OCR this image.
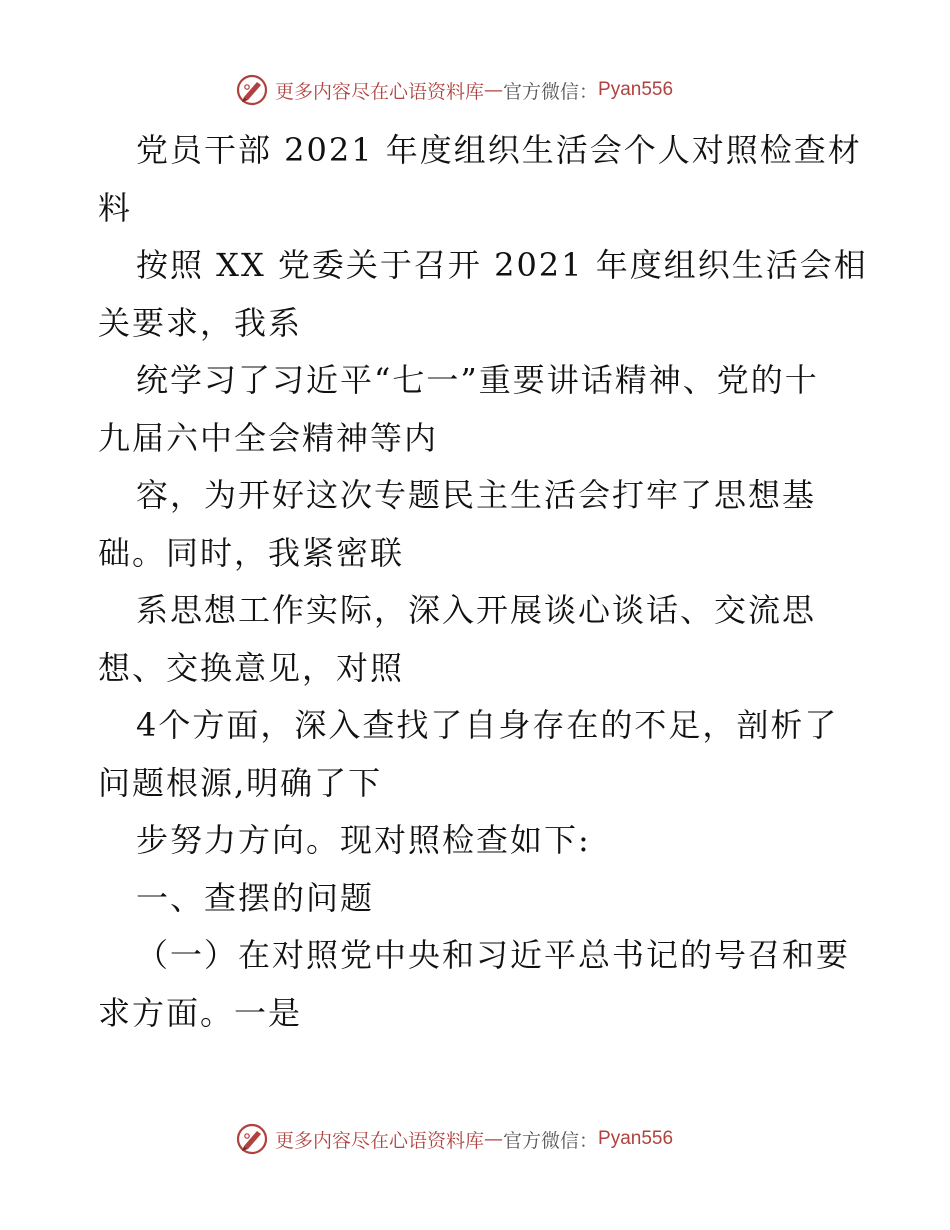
更多内容尽在心语资料库 — 官方微信： Pyan556
党员干部 2021 年度组织生活会个人对照检查材
料
按照 XX 党委关于召开 2021 年度组织生活会相
关要求，我系
统学习了习近平“七一”重要讲话精神、党的十
九届六中全会精神等内
容，为开好这次专题民主生活会打牢了思想基
础。同时，我紧密联
系思想工作实际，深入开展谈心谈话、交流思
想、交换意见，对照
4个方面，深入查找了自身存在的不足，剖析了
问题根源,明确了下
步努力方向。现对照检查如下:
一、查摆的问题
（一）在对照党中央和习近平总书记的号召和要
求方面。一是
更多内容尽在心语资料库 — 官方微信： Pyan556
